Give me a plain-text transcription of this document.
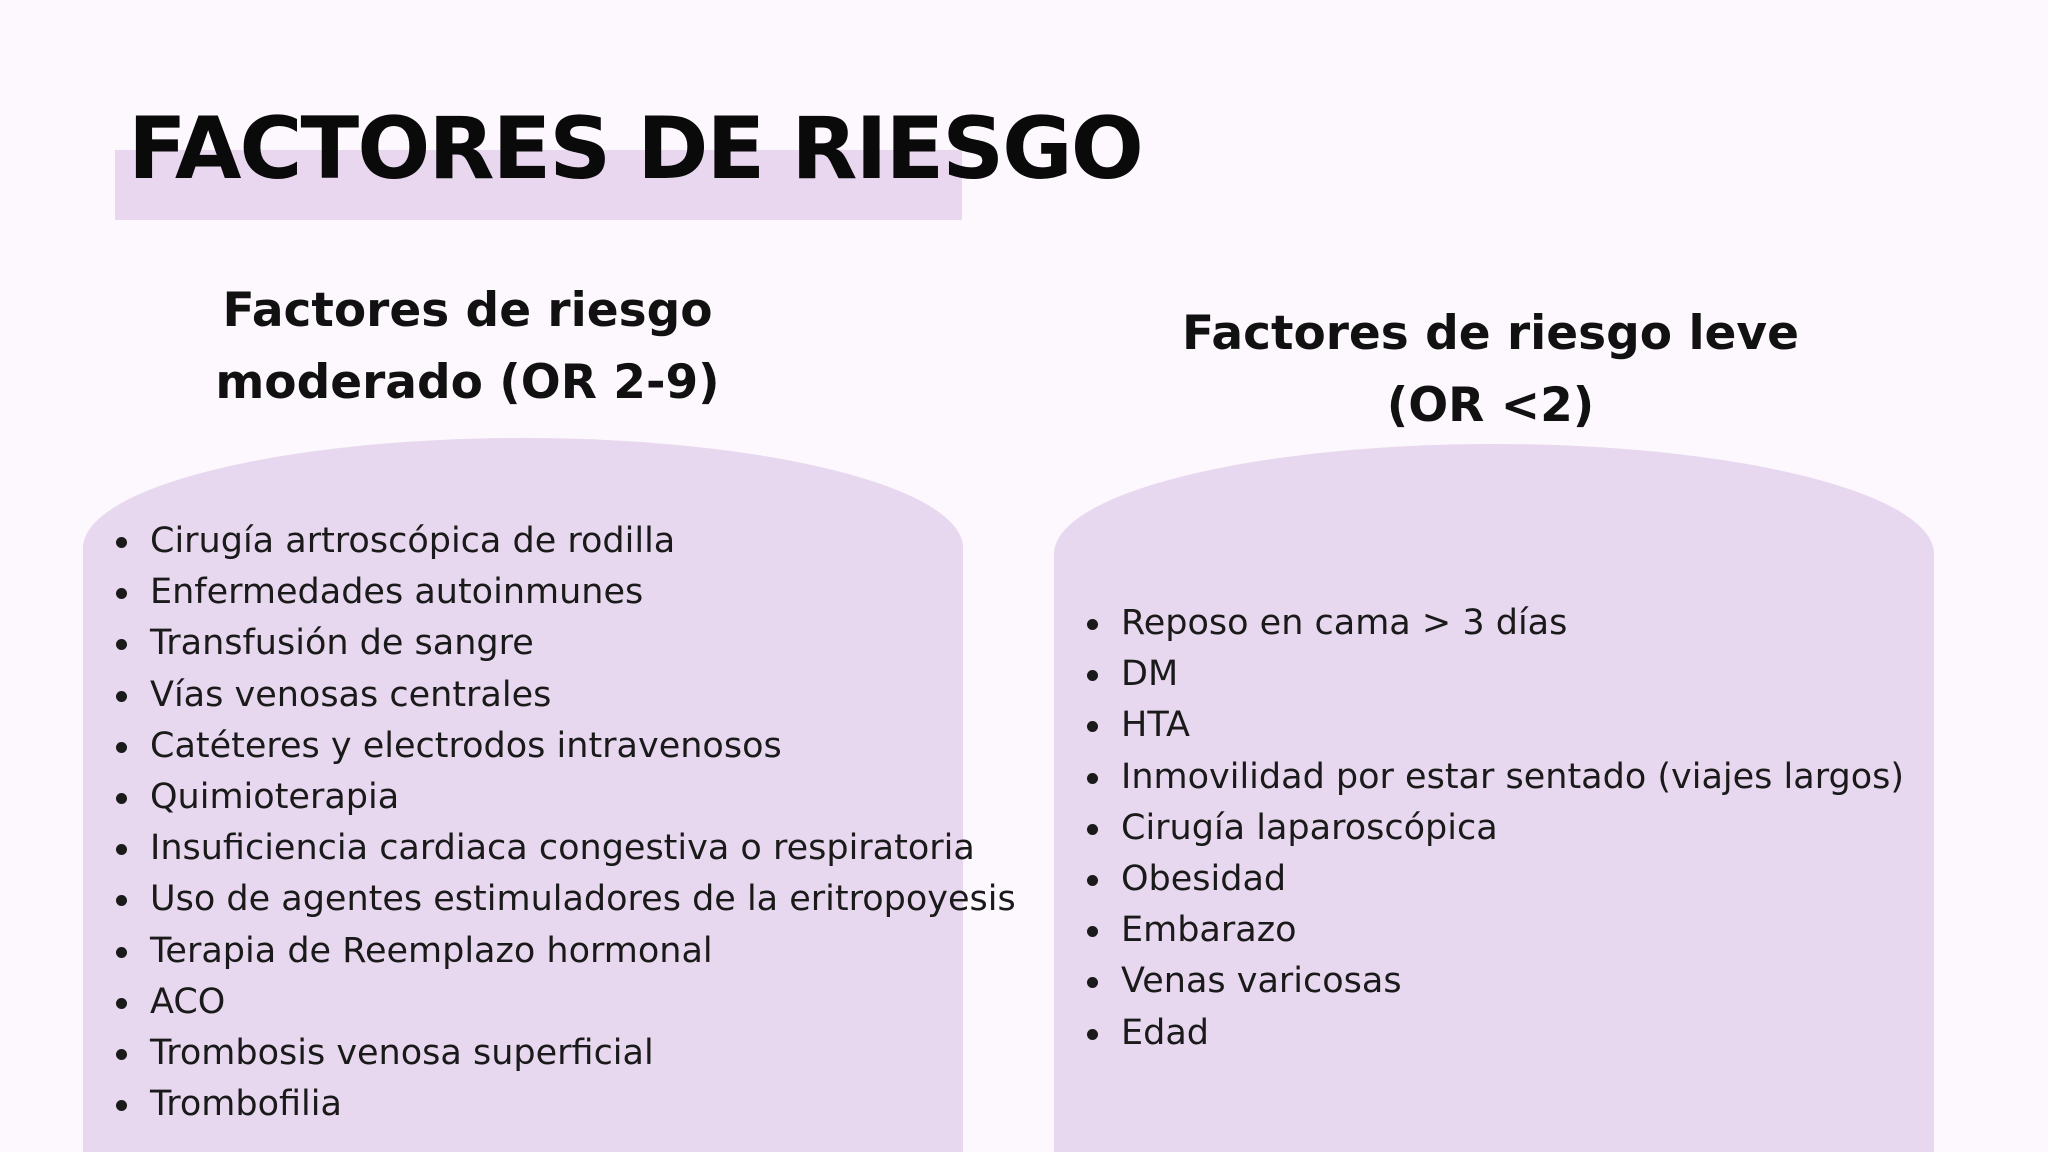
FACTORES DE RIESGO
Factores de riesgo
moderado (OR 2-9)
Factores de riesgo leve
(OR <2)
Cirugía artroscópica de rodilla
Enfermedades autoinmunes
Transfusión de sangre
Vías venosas centrales
Catéteres y electrodos intravenosos
Quimioterapia
Insuficiencia cardiaca congestiva o respiratoria
Uso de agentes estimuladores de la eritropoyesis
Terapia de Reemplazo hormonal
ACO
Trombosis venosa superficial
Trombofilia
Reposo en cama > 3 días
DM
HTA
Inmovilidad por estar sentado (viajes largos)
Cirugía laparoscópica
Obesidad
Embarazo
Venas varicosas
Edad
